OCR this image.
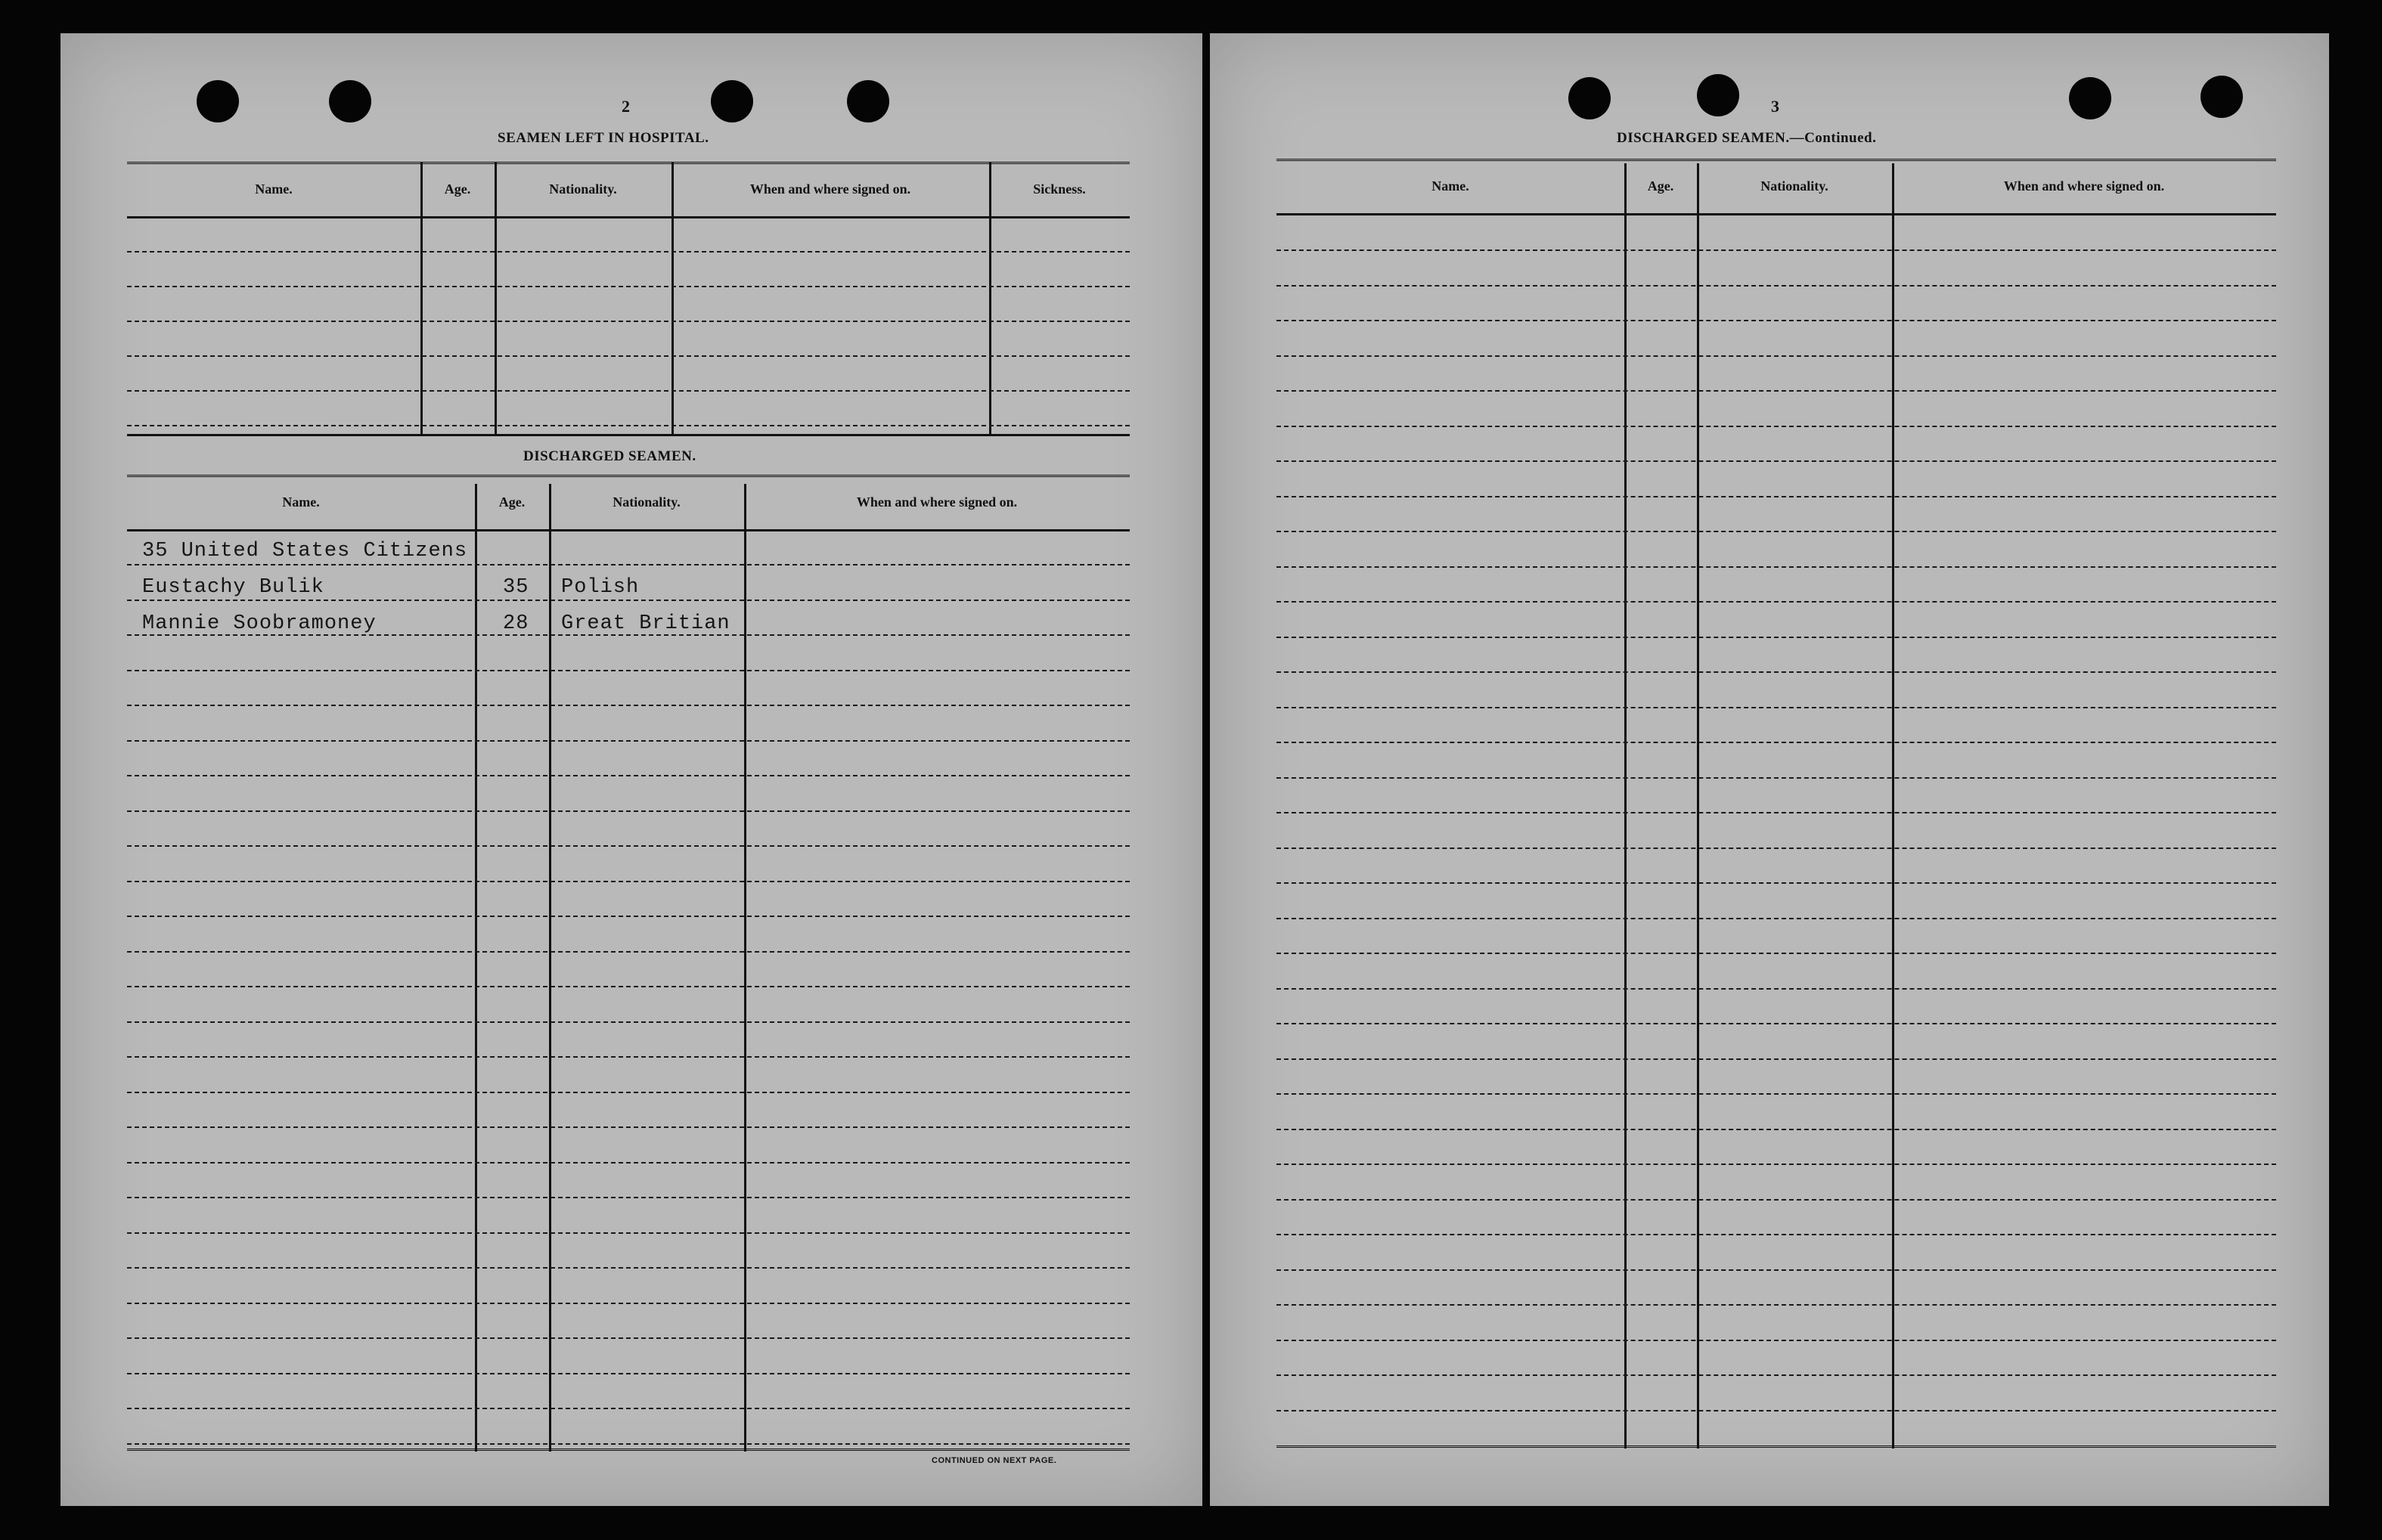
2
SEAMEN LEFT IN HOSPITAL.
Name.	Age.	Nationality.	When and where signed on.	Sickness.
DISCHARGED SEAMEN.
Name.	Age.	Nationality.	When and where signed on.
35 United States Citizens
Eustachy Bulik	35 Polish
Mannie Soobramoney	28 Great Britian
CONTINUED ON NEXT PAGE.
3
DISCHARGED SEAMEN.—Continued.
Name.	Age.	Nationality.	When and where signed on.
